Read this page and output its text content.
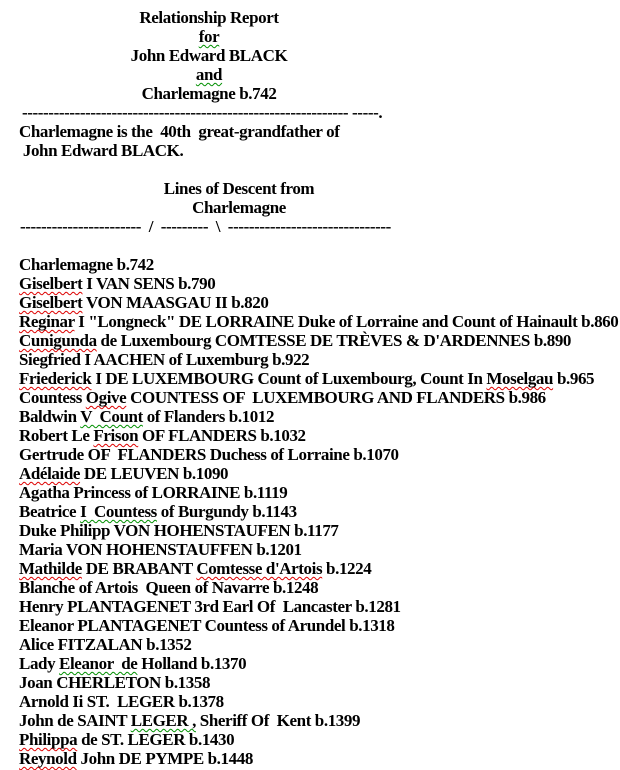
Relationship Report
for
John Edward BLACK
and
Charlemagne b.742
-------------------------------------------------------------- -----.
Charlemagne is the  40th  great-grandfather of
John Edward BLACK.
Lines of Descent from
Charlemagne
-----------------------  /  ---------  \  -------------------------------
Charlemagne b.742
Giselbert I VAN SENS b.790
Giselbert VON MAASGAU II b.820
Reginar I "Longneck" DE LORRAINE Duke of Lorraine and Count of Hainault b.860
Cunigunda de Luxembourg COMTESSE DE TRÈVES & D'ARDENNES b.890
Siegfried I AACHEN of Luxemburg b.922
Friederick I DE LUXEMBOURG Count of Luxembourg, Count In Moselgau b.965
Countess Ogive COUNTESS OF  LUXEMBOURG AND FLANDERS b.986
Baldwin V  Count of Flanders b.1012
Robert Le Frison OF FLANDERS b.1032
Gertrude OF  FLANDERS Duchess of Lorraine b.1070
Adélaide DE LEUVEN b.1090
Agatha Princess of LORRAINE b.1119
Beatrice I  Countess of Burgundy b.1143
Duke Philipp VON HOHENSTAUFEN b.1177
Maria VON HOHENSTAUFFEN b.1201
Mathilde DE BRABANT Comtesse d'Artois b.1224
Blanche of Artois  Queen of Navarre b.1248
Henry PLANTAGENET 3rd Earl Of  Lancaster b.1281
Eleanor PLANTAGENET Countess of Arundel b.1318
Alice FITZALAN b.1352
Lady Eleanor  de Holland b.1370
Joan CHERLETON b.1358
Arnold Ii ST.  LEGER b.1378
John de SAINT LEGER , Sheriff Of  Kent b.1399
Philippa de ST. LEGER b.1430
Reynold John DE PYMPE b.1448
